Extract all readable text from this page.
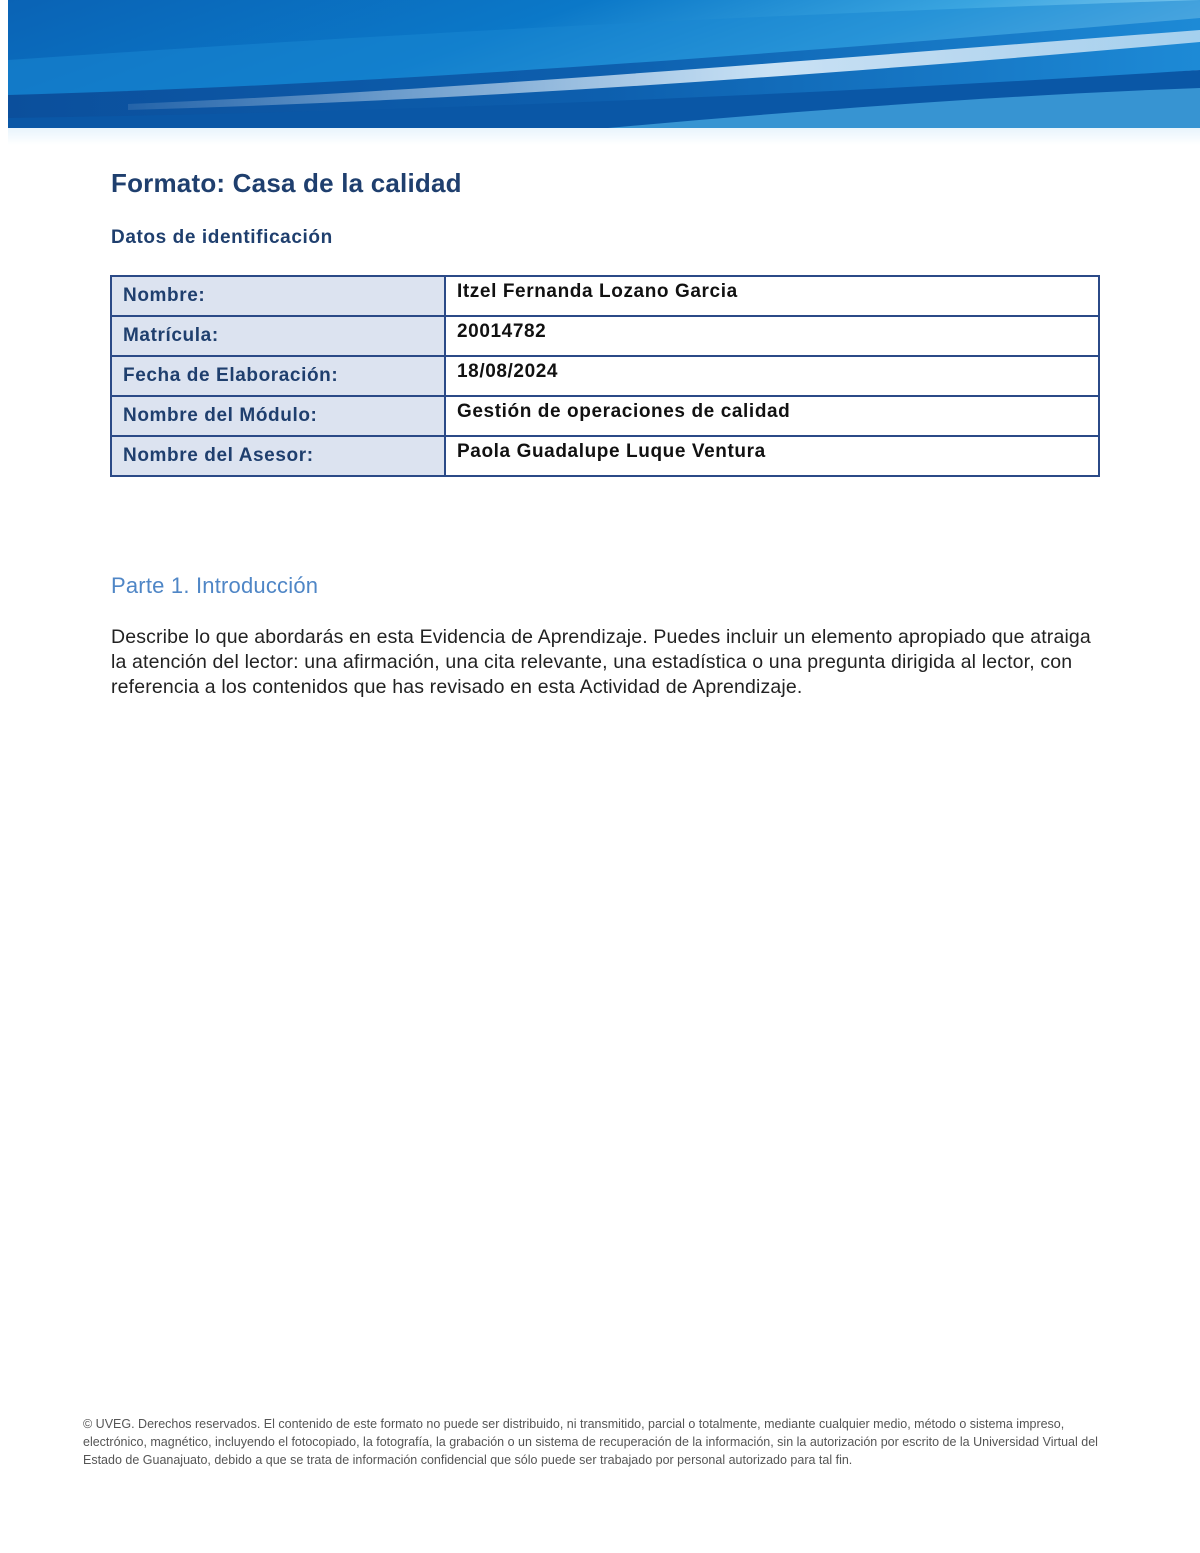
Formato: Casa de la calidad
Datos de identificación
Nombre:	Itzel Fernanda Lozano Garcia
Matrícula:	20014782
Fecha de Elaboración:	18/08/2024
Nombre del Módulo:	Gestión de operaciones de calidad
Nombre del Asesor:	Paola Guadalupe Luque Ventura
Parte 1. Introducción

Describe lo que abordarás en esta Evidencia de Aprendizaje. Puedes incluir un elemento apropiado que atraiga la atención del lector: una afirmación, una cita relevante, una estadística o una pregunta dirigida al lector, con referencia a los contenidos que has revisado en esta Actividad de Aprendizaje.

© UVEG. Derechos reservados. El contenido de este formato no puede ser distribuido, ni transmitido, parcial o totalmente, mediante cualquier medio, método o sistema impreso, electrónico, magnético, incluyendo el fotocopiado, la fotografía, la grabación o un sistema de recuperación de la información, sin la autorización por escrito de la Universidad Virtual del Estado de Guanajuato, debido a que se trata de información confidencial que sólo puede ser trabajado por personal autorizado para tal fin.
